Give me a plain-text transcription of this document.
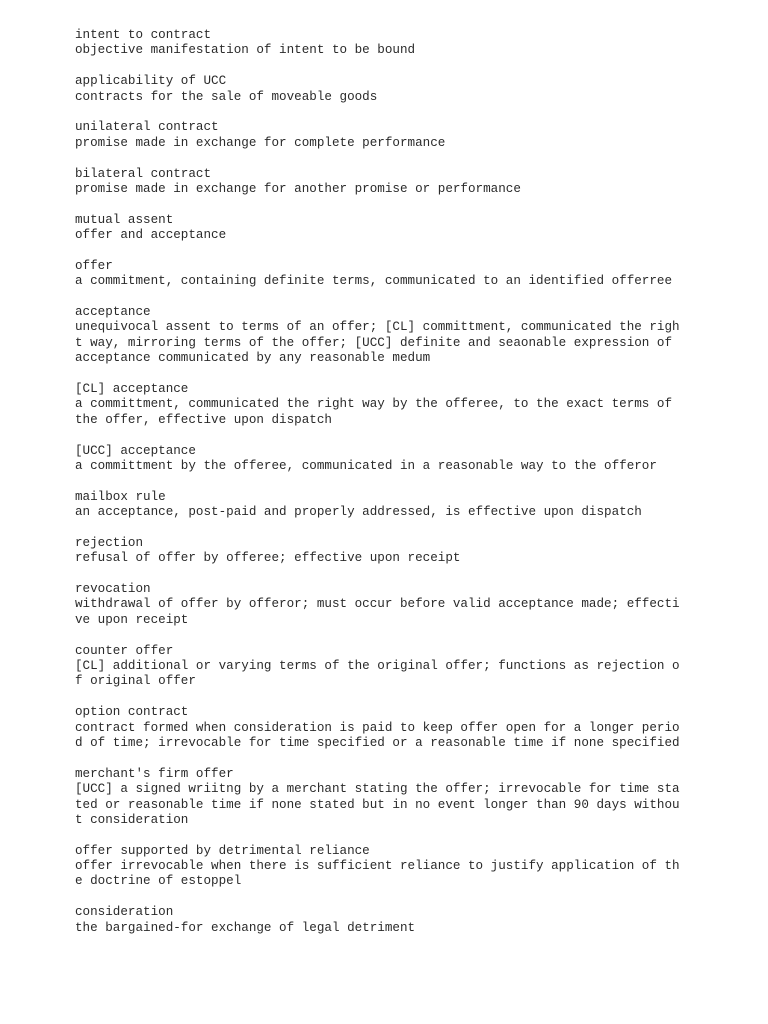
intent to contract
objective manifestation of intent to be bound
applicability of UCC
contracts for the sale of moveable goods
unilateral contract
promise made in exchange for complete performance
bilateral contract
promise made in exchange for another promise or performance
mutual assent
offer and acceptance
offer
a commitment, containing definite terms, communicated to an identified offerree
acceptance
unequivocal assent to terms of an offer; [CL] committment, communicated the righ
t way, mirroring terms of the offer; [UCC] definite and seaonable expression of
acceptance communicated by any reasonable medum
[CL] acceptance
a committment, communicated the right way by the offeree, to the exact terms of
the offer, effective upon dispatch
[UCC] acceptance
a committment by the offeree, communicated in a reasonable way to the offeror
mailbox rule
an acceptance, post-paid and properly addressed, is effective upon dispatch
rejection
refusal of offer by offeree; effective upon receipt
revocation
withdrawal of offer by offeror; must occur before valid acceptance made; effecti
ve upon receipt
counter offer
[CL] additional or varying terms of the original offer; functions as rejection o
f original offer
option contract
contract formed when consideration is paid to keep offer open for a longer perio
d of time; irrevocable for time specified or a reasonable time if none specified
merchant's firm offer
[UCC] a signed wriitng by a merchant stating the offer; irrevocable for time sta
ted or reasonable time if none stated but in no event longer than 90 days withou
t consideration
offer supported by detrimental reliance
offer irrevocable when there is sufficient reliance to justify application of th
e doctrine of estoppel
consideration
the bargained-for exchange of legal detriment
